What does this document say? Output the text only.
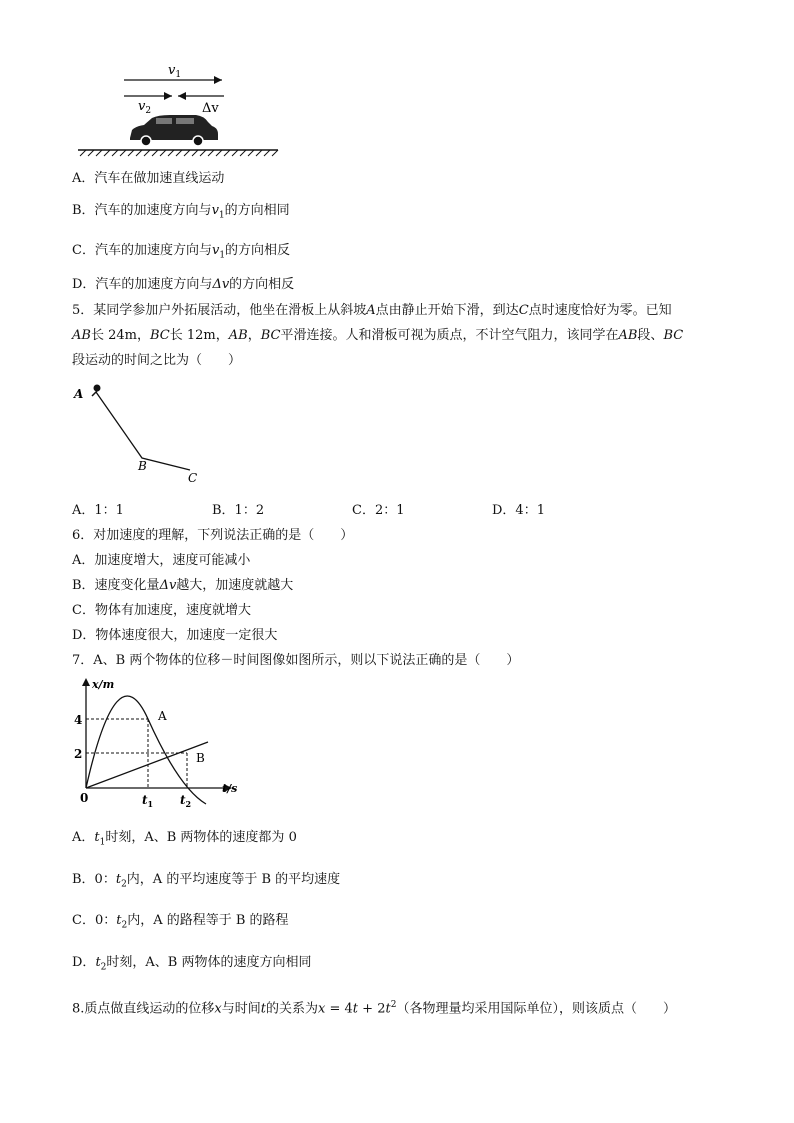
$v_1$
$v_2$	Δv
A．汽车在做加速直线运动
B．汽车的加速度方向与$v_1$的方向相同
C．汽车的加速度方向与$v_1$的方向相反
D．汽车的加速度方向与Δv的方向相反
5．某同学参加户外拓展活动，他坐在滑板上从斜坡A点由静止开始下滑，到达C点时速度恰好为零。已知
AB长 24m，BC长 12m，AB，BC平滑连接。人和滑板可视为质点，不计空气阻力，该同学在AB段、BC
段运动的时间之比为（　　）
A
B
C
A．1：1	B．1：2	C．2：1	D．4：1
6．对加速度的理解，下列说法正确的是（　　）
A．加速度增大，速度可能减小
B．速度变化量Δv越大，加速度就越大
C．物体有加速度，速度就增大
D．物体速度很大，加速度一定很大
7．A、B 两个物体的位移－时间图像如图所示，则以下说法正确的是（　　）
x/m
t/s
0
4
2
A
B
$t_1$ $t_2$
A．$t_1$时刻，A、B 两物体的速度都为 0
B．0：$t_2$内，A 的平均速度等于 B 的平均速度
C．0：$t_2$内，A 的路程等于 B 的路程
D．$t_2$时刻，A、B 两物体的速度方向相同
8.质点做直线运动的位移x与时间t的关系为$x = 4t + 2t^2$（各物理量均采用国际单位），则该质点（　　）
